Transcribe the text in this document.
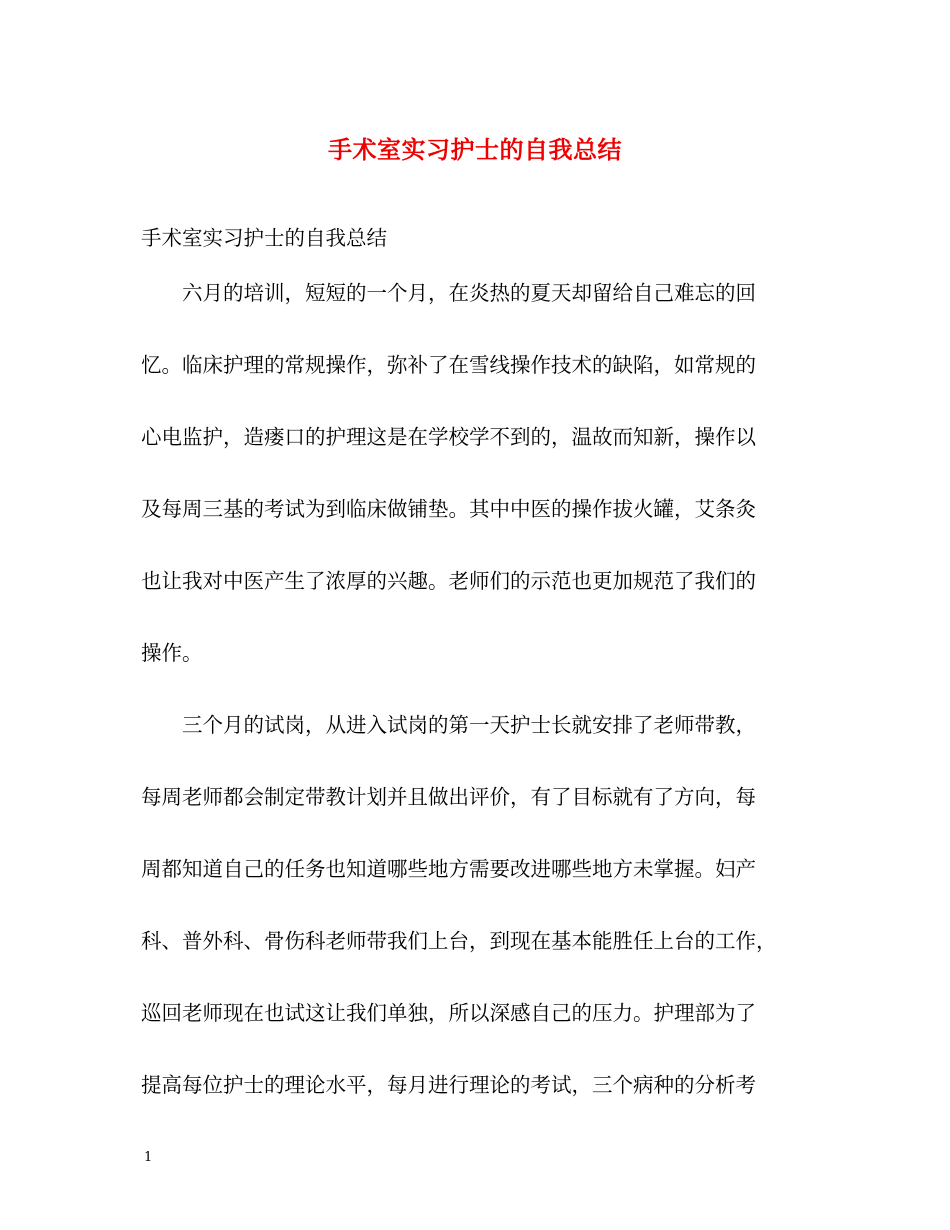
手术室实习护士的自我总结
手术室实习护士的自我总结
六月的培训，短短的一个月，在炎热的夏天却留给自己难忘的回
忆。临床护理的常规操作，弥补了在雪线操作技术的缺陷，如常规的
心电监护，造瘘口的护理这是在学校学不到的，温故而知新，操作以
及每周三基的考试为到临床做铺垫。其中中医的操作拔火罐，艾条灸
也让我对中医产生了浓厚的兴趣。老师们的示范也更加规范了我们的
操作。
三个月的试岗，从进入试岗的第一天护士长就安排了老师带教，
每周老师都会制定带教计划并且做出评价，有了目标就有了方向，每
周都知道自己的任务也知道哪些地方需要改进哪些地方未掌握。妇产
科、普外科、骨伤科老师带我们上台，到现在基本能胜任上台的工作，
巡回老师现在也试这让我们单独，所以深感自己的压力。护理部为了
提高每位护士的理论水平，每月进行理论的考试，三个病种的分析考
1
